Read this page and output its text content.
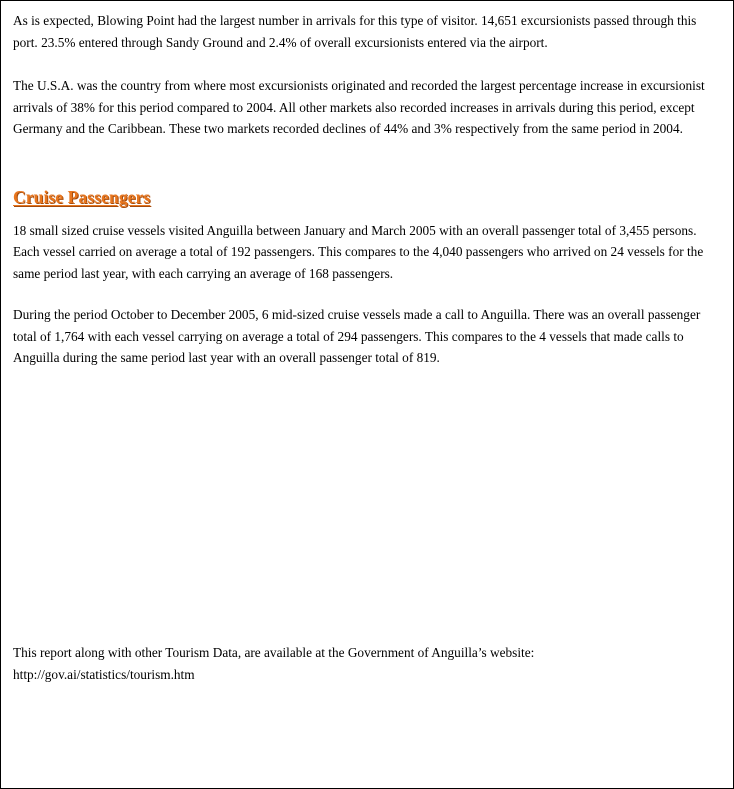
As is expected, Blowing Point had the largest number in arrivals for this type of visitor. 14,651 excursionists passed through this port. 23.5% entered through Sandy Ground and 2.4% of overall excursionists entered via the airport.

The U.S.A. was the country from where most excursionists originated and recorded the largest percentage increase in excursionist arrivals of 38% for this period compared to 2004. All other markets also recorded increases in arrivals during this period, except Germany and the Caribbean. These two markets recorded declines of 44% and 3% respectively from the same period in 2004.

Cruise Passengers

18 small sized cruise vessels visited Anguilla between January and March 2005 with an overall passenger total of 3,455 persons. Each vessel carried on average a total of 192 passengers. This compares to the 4,040 passengers who arrived on 24 vessels for the same period last year, with each carrying an average of 168 passengers.

During the period October to December 2005, 6 mid-sized cruise vessels made a call to Anguilla. There was an overall passenger total of 1,764 with each vessel carrying on average a total of 294 passengers. This compares to the 4 vessels that made calls to Anguilla during the same period last year with an overall passenger total of 819.

This report along with other Tourism Data, are available at the Government of Anguilla’s website:

http://gov.ai/statistics/tourism.htm
